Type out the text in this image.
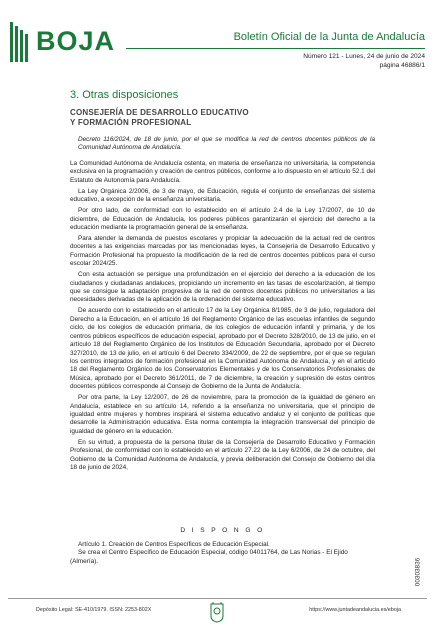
BOJA	Boletín Oficial de la Junta de Andalucía
Número 121 - Lunes, 24 de junio de 2024
página 46886/1
3. Otras disposiciones
CONSEJERÍA DE DESARROLLO EDUCATIVO
Y FORMACIÓN PROFESIONAL
Decreto 116/2024, de 18 de junio, por el que se modifica la red de centros docentes públicos de la Comunidad Autónoma de Andalucía.

La Comunidad Autónoma de Andalucía ostenta, en materia de enseñanza no universitaria, la competencia exclusiva en la programación y creación de centros públicos, conforme a lo dispuesto en el artículo 52.1 del Estatuto de Autonomía para Andalucía.

La Ley Orgánica 2/2006, de 3 de mayo, de Educación, regula el conjunto de enseñanzas del sistema educativo, a excepción de la enseñanza universitaria.

Por otro lado, de conformidad con lo establecido en el artículo 2.4 de la Ley 17/2007, de 10 de diciembre, de Educación de Andalucía, los poderes públicos garantizarán el ejercicio del derecho a la educación mediante la programación general de la enseñanza.

Para atender la demanda de puestos escolares y propiciar la adecuación de la actual red de centros docentes a las exigencias marcadas por las mencionadas leyes, la Consejería de Desarrollo Educativo y Formación Profesional ha propuesto la modificación de la red de centros docentes públicos para el curso escolar 2024/25.

Con esta actuación se persigue una profundización en el ejercicio del derecho a la educación de los ciudadanos y ciudadanas andaluces, propiciando un incremento en las tasas de escolarización, al tiempo que se consigue la adaptación progresiva de la red de centros docentes públicos no universitarios a las necesidades derivadas de la aplicación de la ordenación del sistema educativo.

De acuerdo con lo establecido en el artículo 17 de la Ley Orgánica 8/1985, de 3 de julio, reguladora del Derecho a la Educación, en el artículo 16 del Reglamento Orgánico de las escuelas infantiles de segundo ciclo, de los colegios de educación primaria, de los colegios de educación infantil y primaria, y de los centros públicos específicos de educación especial, aprobado por el Decreto 328/2010, de 13 de julio, en el artículo 18 del Reglamento Orgánico de los Institutos de Educación Secundaria, aprobado por el Decreto 327/2010, de 13 de julio, en el artículo 6 del Decreto 334/2009, de 22 de septiembre, por el que se regulan los centros integrados de formación profesional en la Comunidad Autónoma de Andalucía, y en el artículo 18 del Reglamento Orgánico de los Conservatorios Elementales y de los Conservatorios Profesionales de Música, aprobado por el Decreto 361/2011, de 7 de diciembre, la creación y supresión de estos centros docentes públicos corresponde al Consejo de Gobierno de la Junta de Andalucía.

Por otra parte, la Ley 12/2007, de 26 de noviembre, para la promoción de la igualdad de género en Andalucía, establece en su artículo 14, referido a la enseñanza no universitaria, que el principio de igualdad entre mujeres y hombres inspirará el sistema educativo andaluz y el conjunto de políticas que desarrolle la Administración educativa. Esta norma contempla la integración transversal del principio de igualdad de género en la educación.

En su virtud, a propuesta de la persona titular de la Consejería de Desarrollo Educativo y Formación Profesional, de conformidad con lo establecido en el artículo 27.22 de la Ley 6/2006, de 24 de octubre, del Gobierno de la Comunidad Autónoma de Andalucía, y previa deliberación del Consejo de Gobierno del día 18 de junio de 2024,

D I S P O N G O

Artículo 1. Creación de Centros Específicos de Educación Especial.

Se crea el Centro Específico de Educación Especial, código 04011764, de Las Norias - El Ejido (Almería).	00303836
Depósito Legal: SE-410/1979. ISSN: 2253-802X	https://www.juntadeandalucia.es/eboja
